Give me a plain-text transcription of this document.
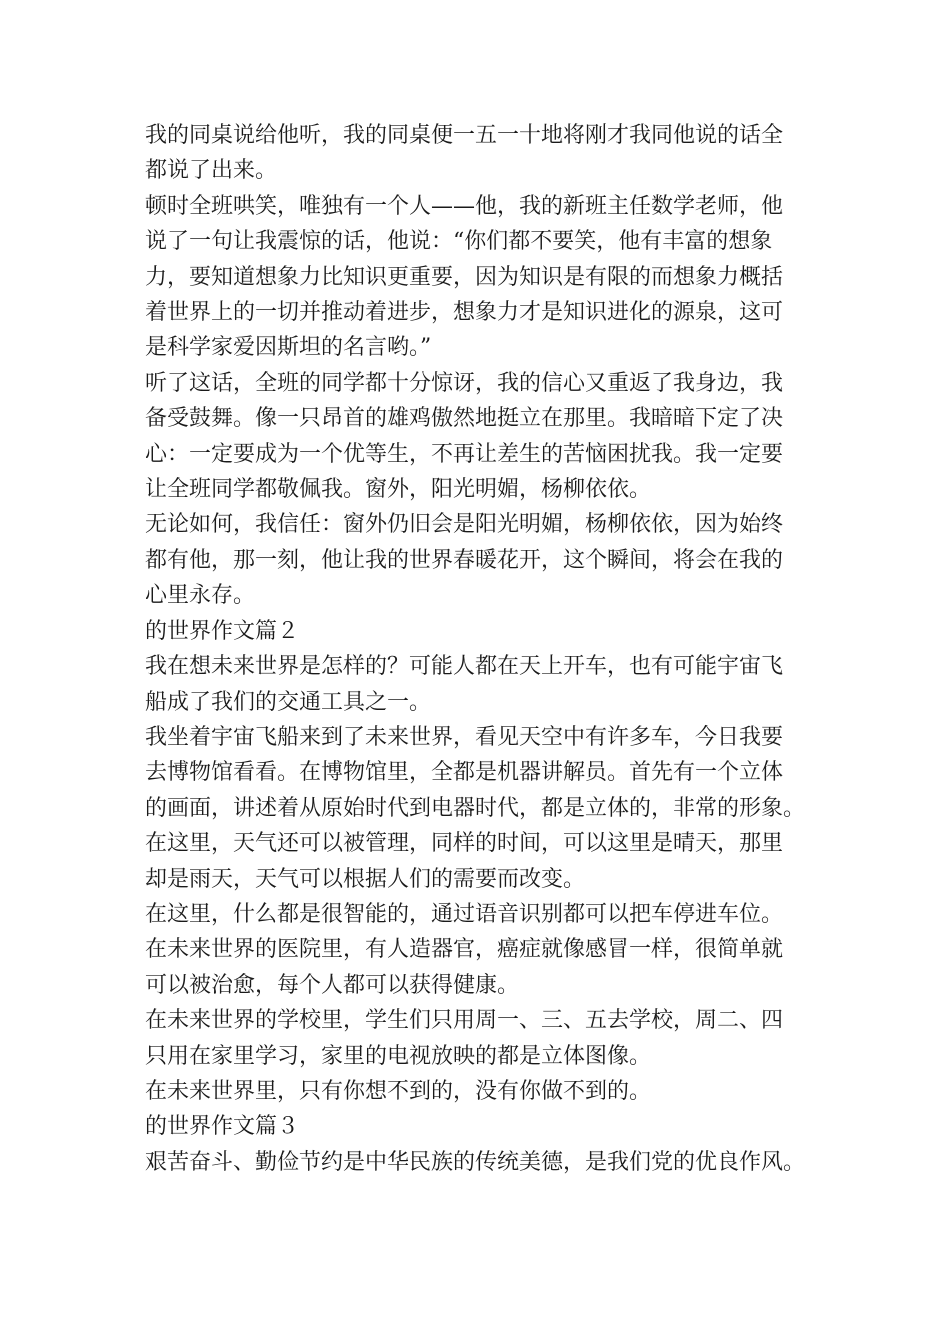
我的同桌说给他听，我的同桌便一五一十地将刚才我同他说的话全
都说了出来。

顿时全班哄笑，唯独有一个人——他，我的新班主任数学老师，他
说了一句让我震惊的话，他说：“你们都不要笑，他有丰富的想象
力，要知道想象力比知识更重要，因为知识是有限的而想象力概括
着世界上的一切并推动着进步，想象力才是知识进化的源泉，这可
是科学家爱因斯坦的名言哟。”

听了这话，全班的同学都十分惊讶，我的信心又重返了我身边，我
备受鼓舞。像一只昂首的雄鸡傲然地挺立在那里。我暗暗下定了决
心：一定要成为一个优等生，不再让差生的苦恼困扰我。我一定要
让全班同学都敬佩我。窗外，阳光明媚，杨柳依依。

无论如何，我信任：窗外仍旧会是阳光明媚，杨柳依依，因为始终
都有他，那一刻，他让我的世界春暖花开，这个瞬间，将会在我的
心里永存。

的世界作文篇２

我在想未来世界是怎样的？可能人都在天上开车，也有可能宇宙飞
船成了我们的交通工具之一。

我坐着宇宙飞船来到了未来世界，看见天空中有许多车，今日我要
去博物馆看看。在博物馆里，全都是机器讲解员。首先有一个立体
的画面，讲述着从原始时代到电器时代，都是立体的，非常的形象。

在这里，天气还可以被管理，同样的时间，可以这里是晴天，那里
却是雨天，天气可以根据人们的需要而改变。

在这里，什么都是很智能的，通过语音识别都可以把车停进车位。

在未来世界的医院里，有人造器官，癌症就像感冒一样，很简单就
可以被治愈，每个人都可以获得健康。

在未来世界的学校里，学生们只用周一、三、五去学校，周二、四
只用在家里学习，家里的电视放映的都是立体图像。

在未来世界里，只有你想不到的，没有你做不到的。

的世界作文篇３

艰苦奋斗、勤俭节约是中华民族的传统美德，是我们党的优良作风。
